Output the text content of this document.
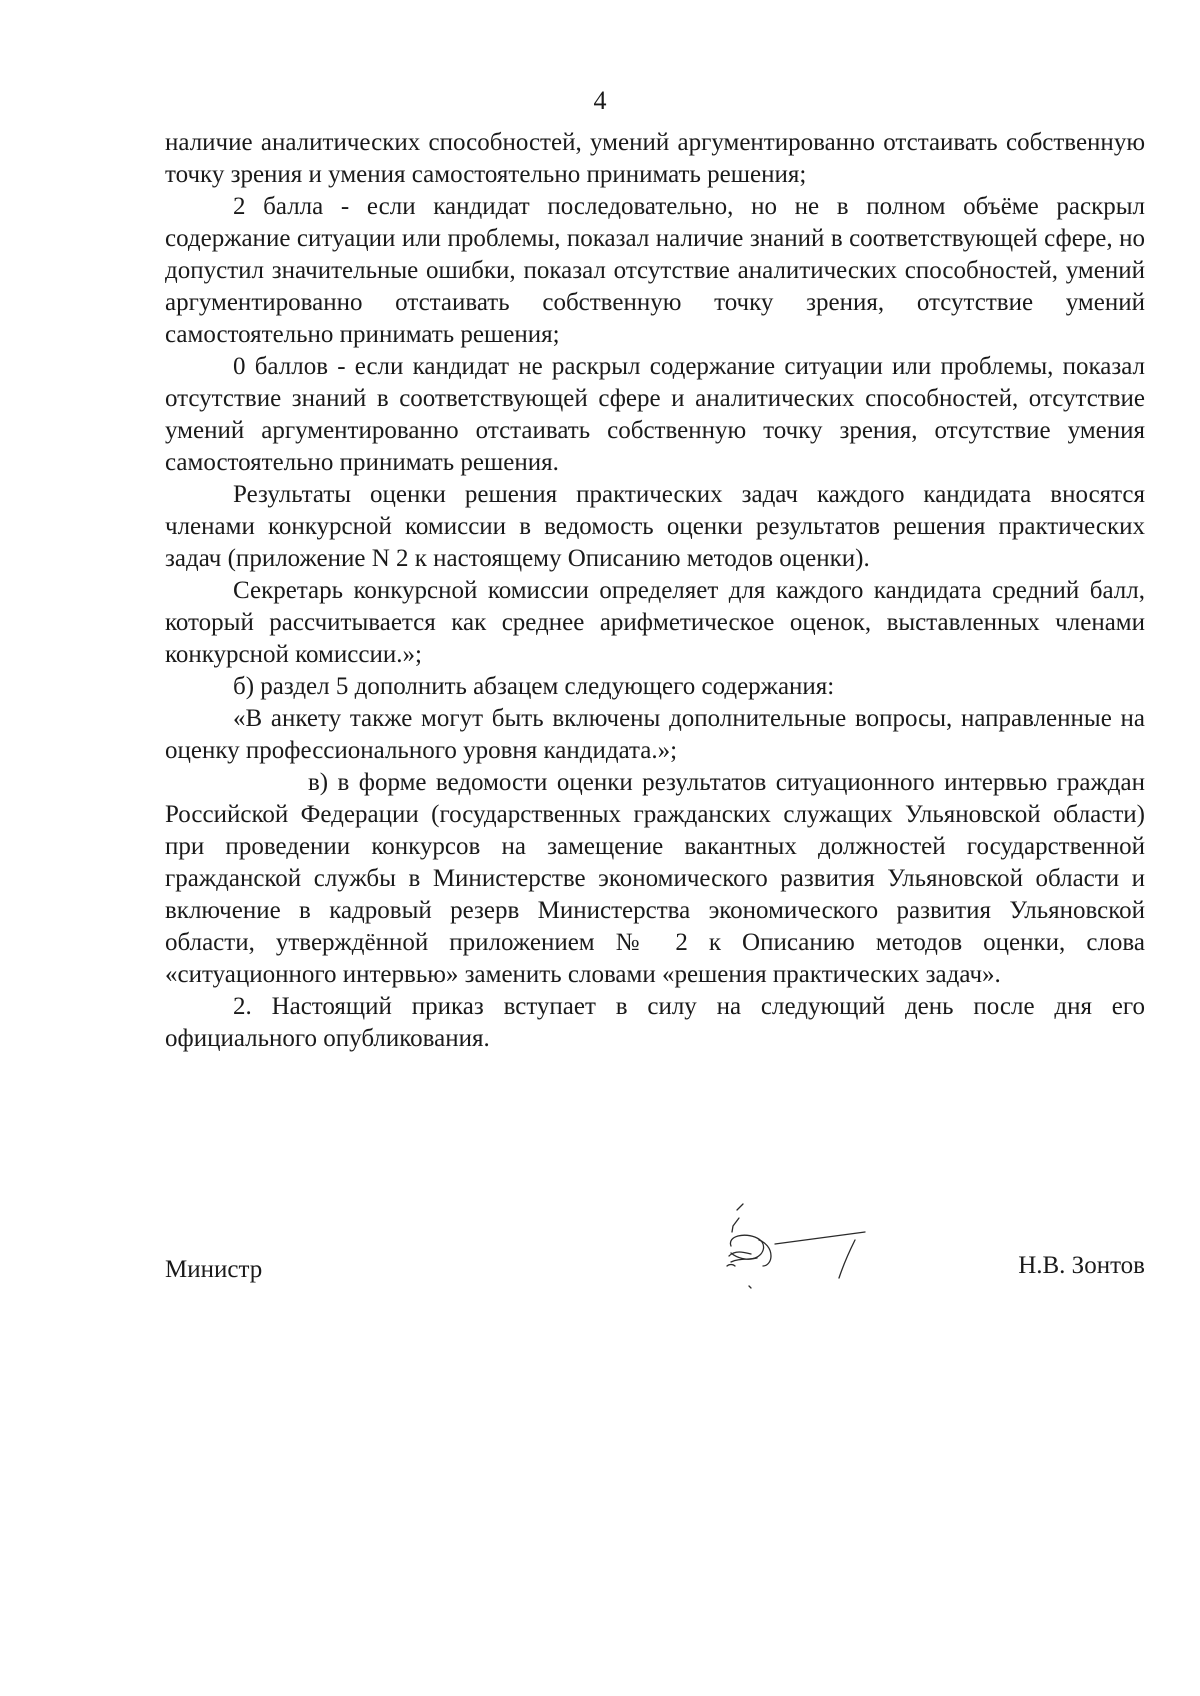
4

наличие аналитических способностей, умений аргументированно отстаивать собственную точку зрения и умения самостоятельно принимать решения;

2 балла - если кандидат последовательно, но не в полном объёме раскрыл содержание ситуации или проблемы, показал наличие знаний в соответствующей сфере, но допустил значительные ошибки, показал отсутствие аналитических способностей, умений аргументированно отстаивать собственную точку зрения, отсутствие умений самостоятельно принимать решения;

0 баллов - если кандидат не раскрыл содержание ситуации или проблемы, показал отсутствие знаний в соответствующей сфере и аналитических способностей, отсутствие умений аргументированно отстаивать собственную точку зрения, отсутствие умения самостоятельно принимать решения.

Результаты оценки решения практических задач каждого кандидата вносятся членами конкурсной комиссии в ведомость оценки результатов решения практических задач (приложение N 2 к настоящему Описанию методов оценки).

Секретарь конкурсной комиссии определяет для каждого кандидата средний балл, который рассчитывается как среднее арифметическое оценок, выставленных членами конкурсной комиссии.»;

б) раздел 5 дополнить абзацем следующего содержания:

«В анкету также могут быть включены дополнительные вопросы, направленные на оценку профессионального уровня кандидата.»;

в) в форме ведомости оценки результатов ситуационного интервью граждан Российской Федерации (государственных гражданских служащих Ульяновской области) при проведении конкурсов на замещение вакантных должностей государственной гражданской службы в Министерстве экономического развития Ульяновской области и включение в кадровый резерв Министерства экономического развития Ульяновской области, утверждённой приложением № 2 к Описанию методов оценки, слова «ситуационного интервью» заменить словами «решения практических задач».

2. Настоящий приказ вступает в силу на следующий день после дня его официального опубликования.

Министр	Н.В. Зонтов
